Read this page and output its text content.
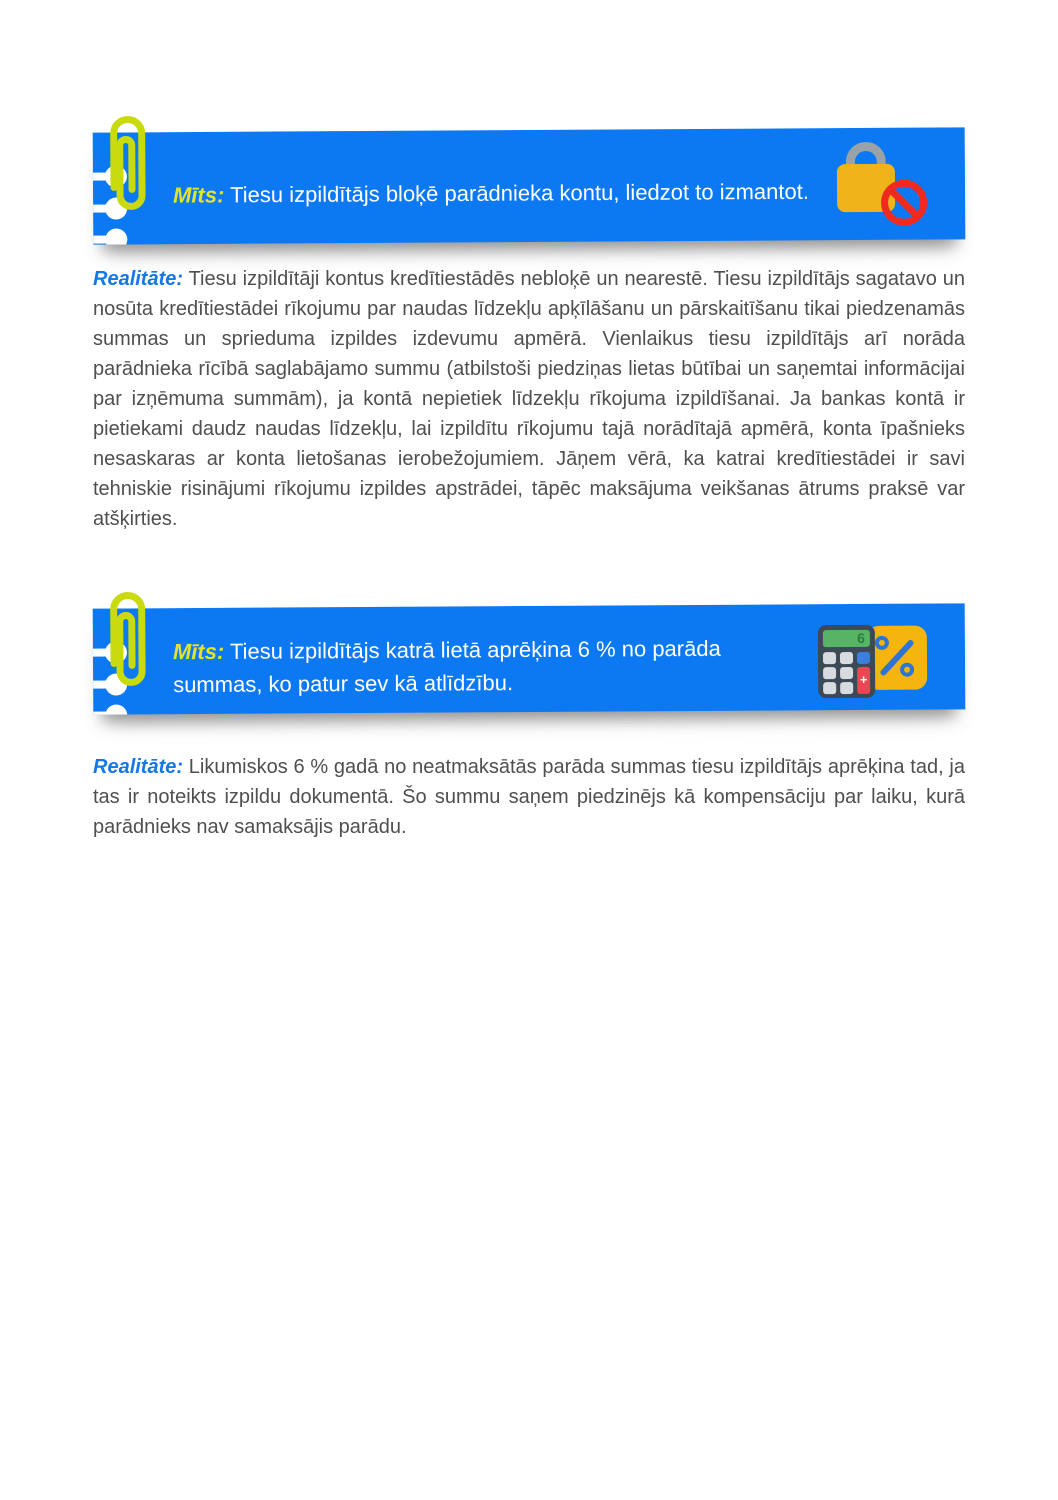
Mīts: Tiesu izpildītājs bloķē parādnieka kontu, liedzot to izmantot.

Realitāte: Tiesu izpildītāji kontus kredītiestādēs nebloķē un nearestē. Tiesu izpildītājs sagatavo un nosūta kredītiestādei rīkojumu par naudas līdzekļu apķīlāšanu un pārskaitīšanu tikai piedzenamās summas un sprieduma izpildes izdevumu apmērā. Vienlaikus tiesu izpildītājs arī norāda parādnieka rīcībā saglabājamo summu (atbilstoši piedziņas lietas būtībai un saņemtai informācijai par izņēmuma summām), ja kontā nepietiek līdzekļu rīkojuma izpildīšanai. Ja bankas kontā ir pietiekami daudz naudas līdzekļu, lai izpildītu rīkojumu tajā norādītajā apmērā, konta īpašnieks nesaskaras ar konta lietošanas ierobežojumiem. Jāņem vērā, ka katrai kredītiestādei ir savi tehniskie risinājumi rīkojumu izpildes apstrādei, tāpēc maksājuma veikšanas ātrums praksē var atšķirties.

Mīts: Tiesu izpildītājs katrā lietā aprēķina 6 % no parāda summas, ko patur sev kā atlīdzību.
6
+

Realitāte: Likumiskos 6 % gadā no neatmaksātās parāda summas tiesu izpildītājs aprēķina tad, ja tas ir noteikts izpildu dokumentā. Šo summu saņem piedzinējs kā kompensāciju par laiku, kurā parādnieks nav samaksājis parādu.
